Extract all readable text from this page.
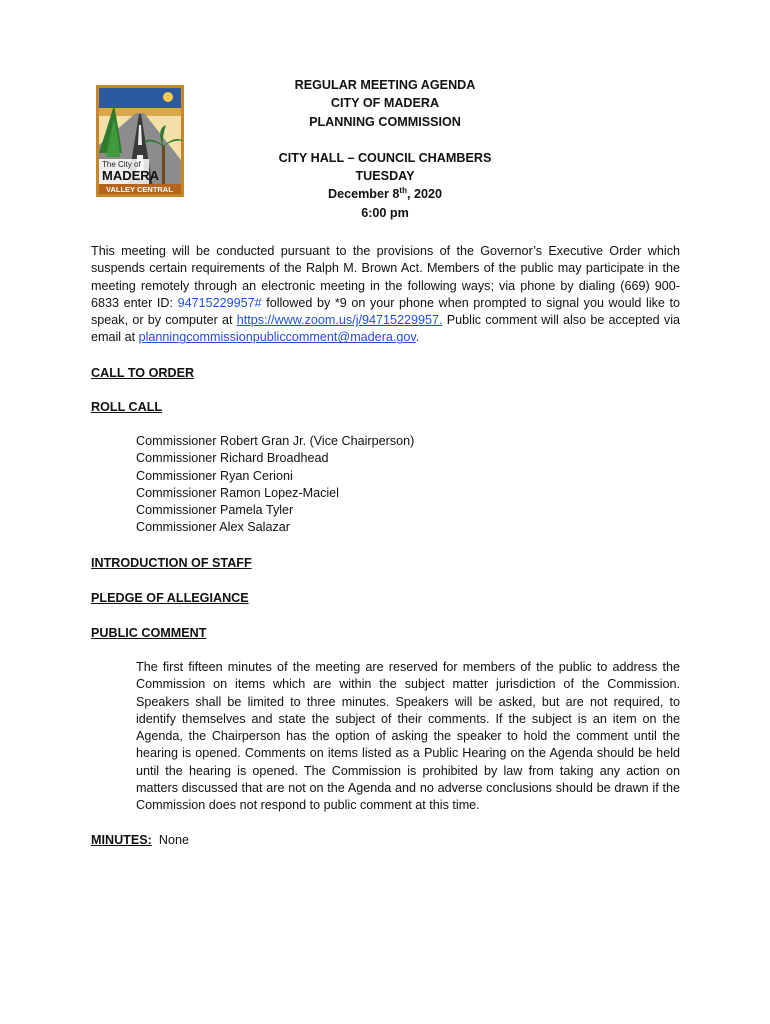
The City of
MADERA
VALLEY CENTRAL
REGULAR MEETING AGENDA
CITY OF MADERA
PLANNING COMMISSION
CITY HALL – COUNCIL CHAMBERS
TUESDAY
December 8th, 2020
6:00 pm
This meeting will be conducted pursuant to the provisions of the Governor’s Executive Order which suspends certain requirements of the Ralph M. Brown Act. Members of the public may participate in the meeting remotely through an electronic meeting in the following ways; via phone by dialing (669) 900-6833 enter ID: 94715229957# followed by *9 on your phone when prompted to signal you would like to speak, or by computer at https://www.zoom.us/j/94715229957. Public comment will also be accepted via email at planningcommissionpubliccomment@madera.gov.
CALL TO ORDER
ROLL CALL
Commissioner Robert Gran Jr. (Vice Chairperson)
Commissioner Richard Broadhead
Commissioner Ryan Cerioni
Commissioner Ramon Lopez-Maciel
Commissioner Pamela Tyler
Commissioner Alex Salazar
INTRODUCTION OF STAFF
PLEDGE OF ALLEGIANCE
PUBLIC COMMENT
The first fifteen minutes of the meeting are reserved for members of the public to address the Commission on items which are within the subject matter jurisdiction of the Commission. Speakers shall be limited to three minutes. Speakers will be asked, but are not required, to identify themselves and state the subject of their comments. If the subject is an item on the Agenda, the Chairperson has the option of asking the speaker to hold the comment until the hearing is opened. Comments on items listed as a Public Hearing on the Agenda should be held until the hearing is opened. The Commission is prohibited by law from taking any action on matters discussed that are not on the Agenda and no adverse conclusions should be drawn if the Commission does not respond to public comment at this time.
MINUTES:  None
